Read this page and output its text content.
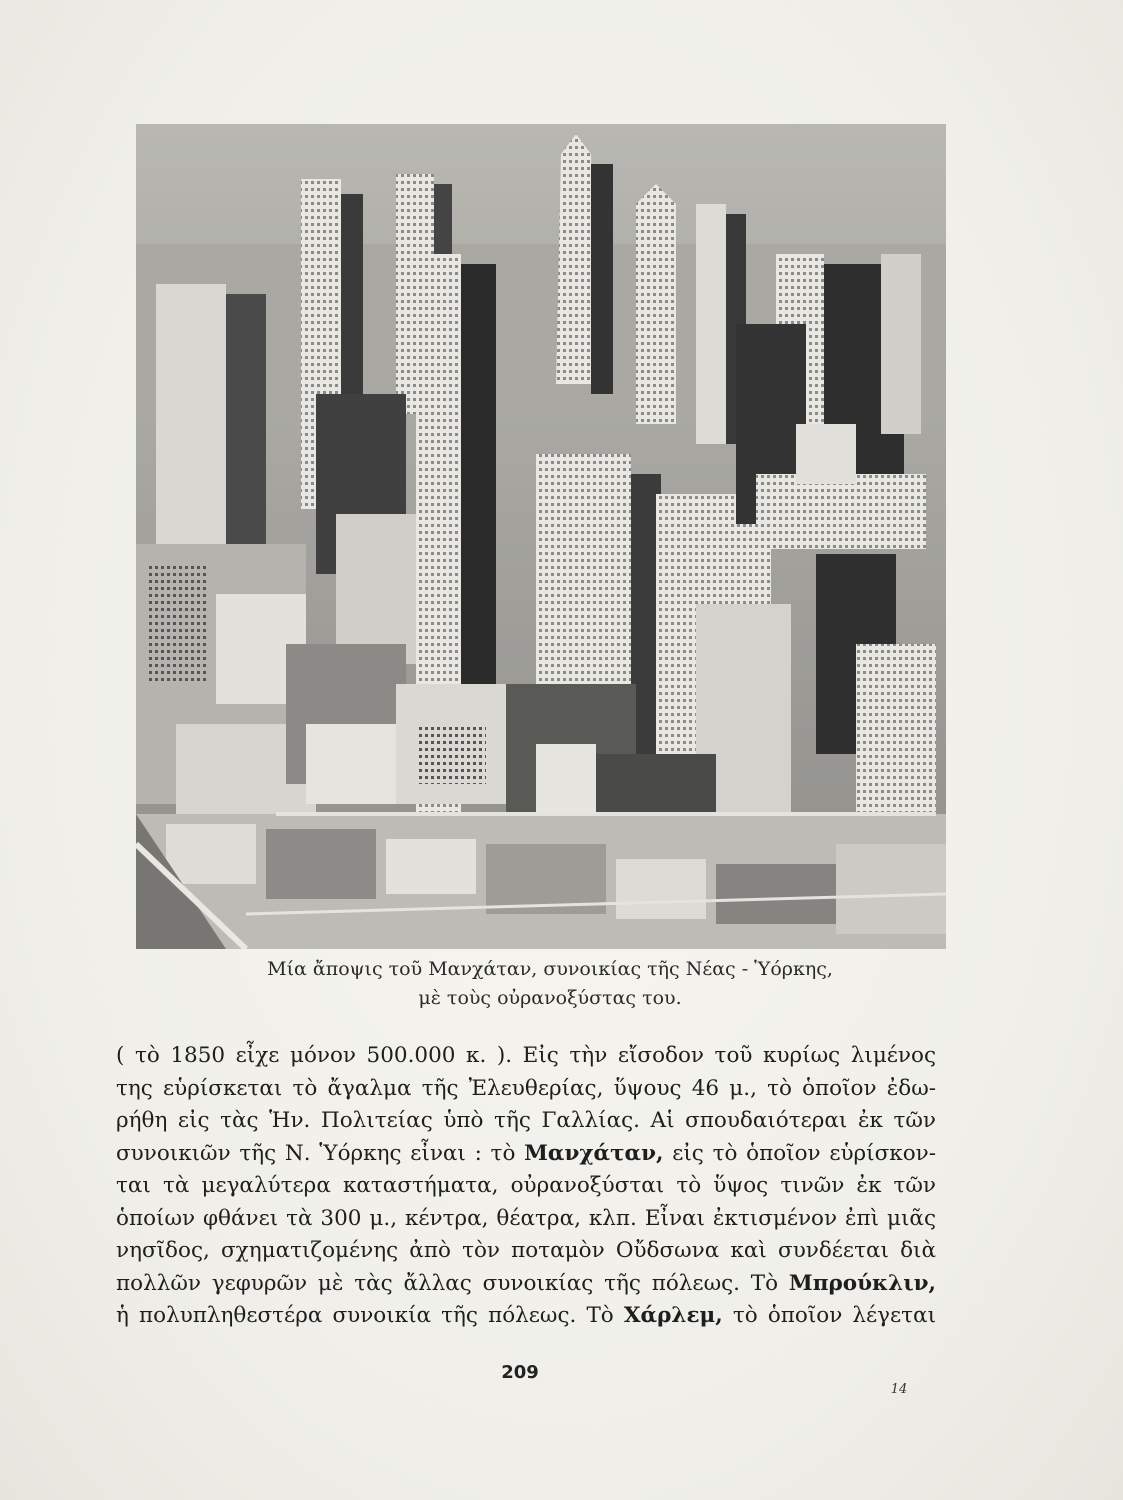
Μία ἄποψις τοῦ Μανχάταν, συνοικίας τῆς Νέας - Ὑόρκης,
μὲ τοὺς οὐρανοξύστας του.
( τὸ 1850 εἶχε μόνον 500.000 κ. ). Εἰς τὴν εἴσοδον τοῦ κυρίως λιμένος
της εὑρίσκεται τὸ ἄγαλμα τῆς Ἐλευθερίας, ὕψους 46 μ., τὸ ὁποῖον ἐδω-
ρήθη εἰς τὰς Ἡν. Πολιτείας ὑπὸ τῆς Γαλλίας. Αἱ σπουδαιότεραι ἐκ τῶν
συνοικιῶν τῆς Ν. Ὑόρκης εἶναι : τὸ Μανχάταν, εἰς τὸ ὁποῖον εὑρίσκον-
ται τὰ μεγαλύτερα καταστήματα, οὐρανοξύσται τὸ ὕψος τινῶν ἐκ τῶν
ὁποίων φθάνει τὰ 300 μ., κέντρα, θέατρα, κλπ. Εἶναι ἐκτισμένον ἐπὶ μιᾶς
νησῖδος, σχηματιζομένης ἀπὸ τὸν ποταμὸν Οὔδσωνα καὶ συνδέεται διὰ
πολλῶν γεφυρῶν μὲ τὰς ἄλλας συνοικίας τῆς πόλεως. Τὸ Μπρούκλιν,
ἡ πολυπληθεστέρα συνοικία τῆς πόλεως. Τὸ Χάρλεμ, τὸ ὁποῖον λέγεται
209
14
